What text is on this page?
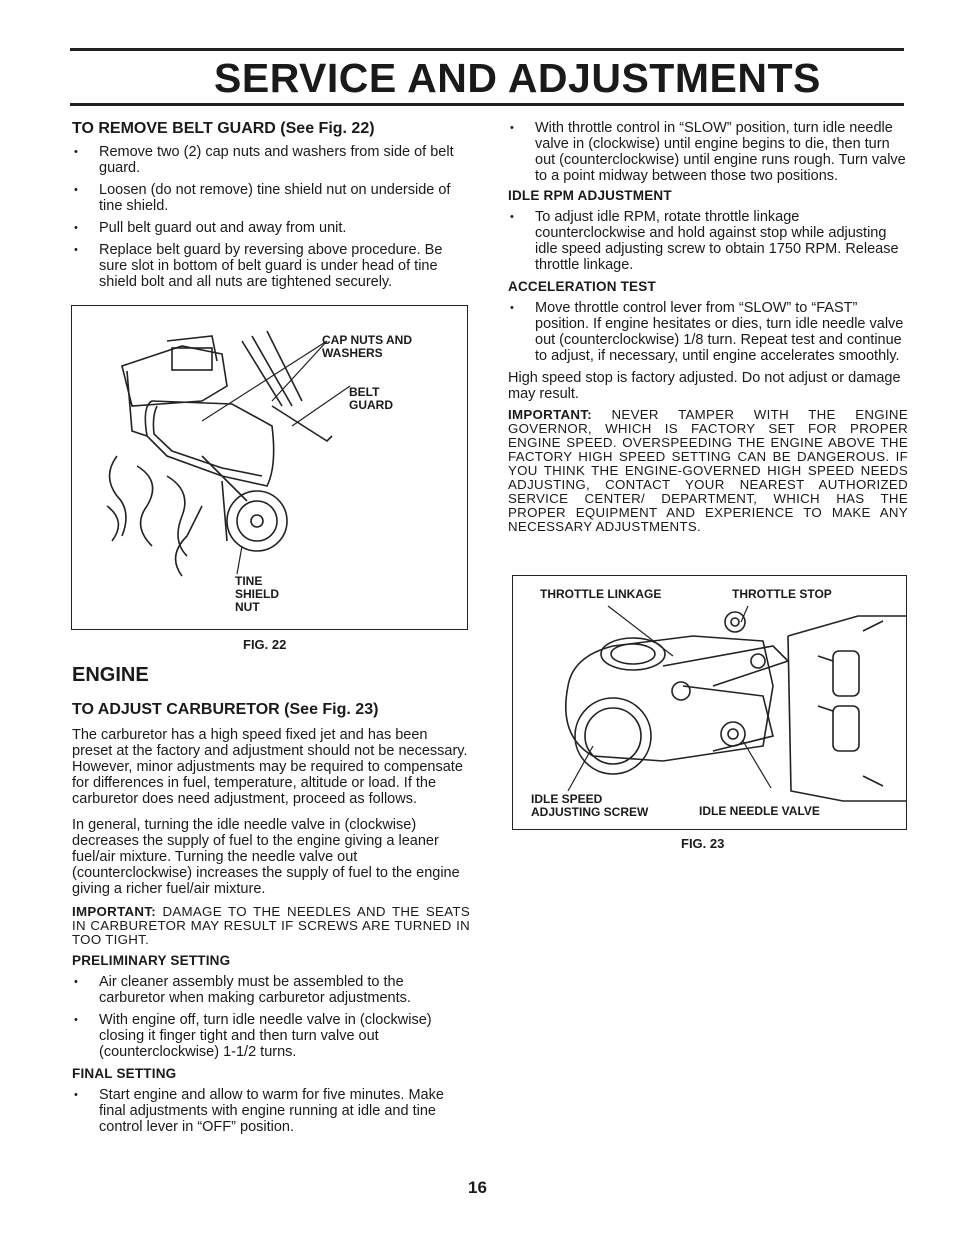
SERVICE AND ADJUSTMENTS
TO REMOVE BELT GUARD (See Fig. 22)
• Remove two (2) cap nuts and washers from side of belt guard.
• Loosen (do not remove) tine shield nut on underside of tine shield.
• Pull belt guard out and away from unit.
• Replace belt guard by reversing above procedure. Be sure slot in bottom of belt guard is under head of tine shield bolt and all nuts are tightened securely.
CAP NUTS AND WASHERS
BELT GUARD
TINE SHIELD NUT
FIG. 22
ENGINE
TO ADJUST CARBURETOR (See Fig. 23)

The carburetor has a high speed fixed jet and has been preset at the factory and adjustment should not be necessary. However, minor adjustments may be required to compensate for differences in fuel, temperature, altitude or load. If the carburetor does need adjustment, proceed as follows.

In general, turning the idle needle valve in (clockwise) decreases the supply of fuel to the engine giving a leaner fuel/air mixture. Turning the needle valve out (counterclockwise) increases the supply of fuel to the engine giving a richer fuel/air mixture.

IMPORTANT: DAMAGE TO THE NEEDLES AND THE SEATS IN CARBURETOR MAY RESULT IF SCREWS ARE TURNED IN TOO TIGHT.

PRELIMINARY SETTING
• Air cleaner assembly must be assembled to the carburetor when making carburetor adjustments.
• With engine off, turn idle needle valve in (clockwise) closing it finger tight and then turn valve out (counterclockwise) 1-1/2 turns.
FINAL SETTING
• Start engine and allow to warm for five minutes. Make final adjustments with engine running at idle and tine control lever in “OFF” position.
• With throttle control in “SLOW” position, turn idle needle valve in (clockwise) until engine begins to die, then turn out (counterclockwise) until engine runs rough. Turn valve to a point midway between those two positions.
IDLE RPM ADJUSTMENT
• To adjust idle RPM, rotate throttle linkage counterclockwise and hold against stop while adjusting idle speed adjusting screw to obtain 1750 RPM. Release throttle linkage.
ACCELERATION TEST
• Move throttle control lever from “SLOW” to “FAST” position. If engine hesitates or dies, turn idle needle valve out (counterclockwise) 1/8 turn. Repeat test and continue to adjust, if necessary, until engine accelerates smoothly.

High speed stop is factory adjusted. Do not adjust or damage may result.

IMPORTANT: NEVER TAMPER WITH THE ENGINE GOVERNOR, WHICH IS FACTORY SET FOR PROPER ENGINE SPEED. OVERSPEEDING THE ENGINE ABOVE THE FACTORY HIGH SPEED SETTING CAN BE DANGEROUS. IF YOU THINK THE ENGINE-GOVERNED HIGH SPEED NEEDS ADJUSTING, CONTACT YOUR NEAREST AUTHORIZED SERVICE CENTER/ DEPARTMENT, WHICH HAS THE PROPER EQUIPMENT AND EXPERIENCE TO MAKE ANY NECESSARY ADJUSTMENTS.

THROTTLE LINKAGE	THROTTLE STOP
IDLE SPEED ADJUSTING SCREW	IDLE NEEDLE VALVE
FIG. 23
16
